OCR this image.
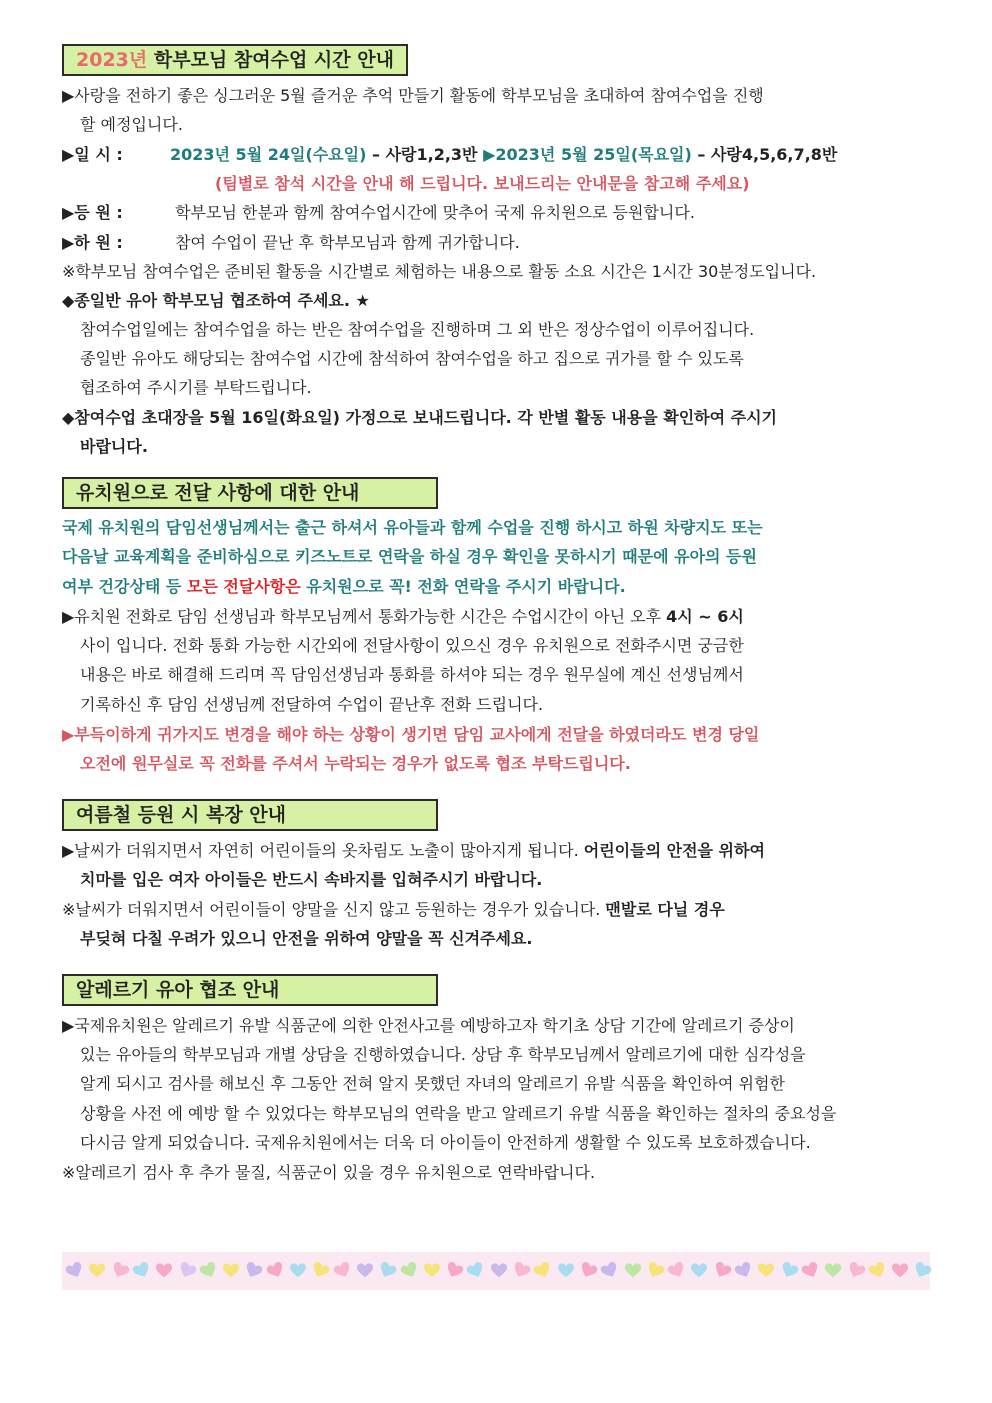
2023년 학부모님 참여수업 시간 안내
▶사랑을 전하기 좋은 싱그러운 5월 즐거운 추억 만들기 활동에 학부모님을 초대하여 참여수업을 진행
할 예정입니다.
▶일 시 :	2023년 5월 24일(수요일) – 사랑1,2,3반 ▶2023년 5월 25일(목요일) – 사랑4,5,6,7,8반
(팀별로 참석 시간을 안내 해 드립니다. 보내드리는 안내문을 참고해 주세요)
▶등 원 :	학부모님 한분과 함께 참여수업시간에 맞추어 국제 유치원으로 등원합니다.
▶하 원 :	참여 수업이 끝난 후 학부모님과 함께 귀가합니다.
※학부모님 참여수업은 준비된 활동을 시간별로 체험하는 내용으로 활동 소요 시간은 1시간 30분정도입니다.
◆종일반 유아 학부모님 협조하여 주세요. ★
참여수업일에는 참여수업을 하는 반은 참여수업을 진행하며 그 외 반은 정상수업이 이루어집니다.
종일반 유아도 해당되는 참여수업 시간에 참석하여 참여수업을 하고 집으로 귀가를 할 수 있도록
협조하여 주시기를 부탁드립니다.
◆참여수업 초대장을 5월 16일(화요일) 가정으로 보내드립니다. 각 반별 활동 내용을 확인하여 주시기
바랍니다.
유치원으로 전달 사항에 대한 안내
국제 유치원의 담임선생님께서는 출근 하셔서 유아들과 함께 수업을 진행 하시고 하원 차량지도 또는
다음날 교육계획을 준비하심으로 키즈노트로 연락을 하실 경우 확인을 못하시기 때문에 유아의 등원
여부 건강상태 등 모든 전달사항은 유치원으로 꼭! 전화 연락을 주시기 바랍니다.
▶유치원 전화로 담임 선생님과 학부모님께서 통화가능한 시간은 수업시간이 아닌 오후 4시 ~ 6시
사이 입니다. 전화 통화 가능한 시간외에 전달사항이 있으신 경우 유치원으로 전화주시면 궁금한
내용은 바로 해결해 드리며 꼭 담임선생님과 통화를 하셔야 되는 경우 원무실에 계신 선생님께서
기록하신 후 담임 선생님께 전달하여 수업이 끝난후 전화 드립니다.
▶부득이하게 귀가지도 변경을 해야 하는 상황이 생기면 담임 교사에게 전달을 하였더라도 변경 당일
오전에 원무실로 꼭 전화를 주셔서 누락되는 경우가 없도록 협조 부탁드립니다.
여름철 등원 시 복장 안내
▶날씨가 더워지면서 자연히 어린이들의 옷차림도 노출이 많아지게 됩니다. 어린이들의 안전을 위하여
치마를 입은 여자 아이들은 반드시 속바지를 입혀주시기 바랍니다.
※날씨가 더워지면서 어린이들이 양말을 신지 않고 등원하는 경우가 있습니다. 맨발로 다닐 경우
부딪혀 다칠 우려가 있으니 안전을 위하여 양말을 꼭 신겨주세요.
알레르기 유아 협조 안내
▶국제유치원은 알레르기 유발 식품군에 의한 안전사고를 예방하고자 학기초 상담 기간에 알레르기 증상이
있는 유아들의 학부모님과 개별 상담을 진행하였습니다. 상담 후 학부모님께서 알레르기에 대한 심각성을
알게 되시고 검사를 해보신 후 그동안 전혀 알지 못했던 자녀의 알레르기 유발 식품을 확인하여 위험한
상황을 사전 에 예방 할 수 있었다는 학부모님의 연락을 받고 알레르기 유발 식품을 확인하는 절차의 중요성을
다시금 알게 되었습니다. 국제유치원에서는 더욱 더 아이들이 안전하게 생활할 수 있도록 보호하겠습니다.
※알레르기 검사 후 추가 물질, 식품군이 있을 경우 유치원으로 연락바랍니다.
